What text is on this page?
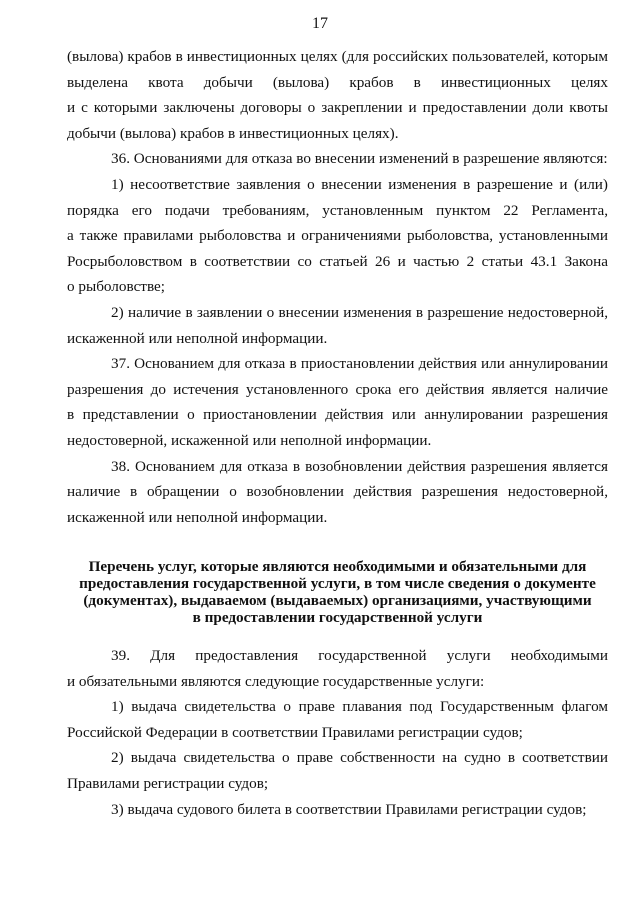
17
(вылова) крабов в инвестиционных целях (для российских пользователей, которым
выделена квота добычи (вылова) крабов в инвестиционных целях
и с которыми заключены договоры о закреплении и предоставлении доли квоты
добычи (вылова) крабов в инвестиционных целях).
36. Основаниями для отказа во внесении изменений в разрешение являются:
1) несоответствие заявления о внесении изменения в разрешение и (или)
порядка его подачи требованиям, установленным пунктом 22 Регламента,
а также правилами рыболовства и ограничениями рыболовства, установленными
Росрыболовством в соответствии со статьей 26 и частью 2 статьи 43.1 Закона
о рыболовстве;
2) наличие в заявлении о внесении изменения в разрешение недостоверной,
искаженной или неполной информации.
37. Основанием для отказа в приостановлении действия или аннулировании
разрешения до истечения установленного срока его действия является наличие
в представлении о приостановлении действия или аннулировании разрешения
недостоверной, искаженной или неполной информации.
38. Основанием для отказа в возобновлении действия разрешения является
наличие в обращении о возобновлении действия разрешения недостоверной,
искаженной или неполной информации.
Перечень услуг, которые являются необходимыми и обязательными для
предоставления государственной услуги, в том числе сведения о документе
(документах), выдаваемом (выдаваемых) организациями, участвующими
в предоставлении государственной услуги
39. Для предоставления государственной услуги необходимыми
и обязательными являются следующие государственные услуги:
1) выдача свидетельства о праве плавания под Государственным флагом
Российской Федерации в соответствии Правилами регистрации судов;
2) выдача свидетельства о праве собственности на судно в соответствии
Правилами регистрации судов;
3) выдача судового билета в соответствии Правилами регистрации судов;
